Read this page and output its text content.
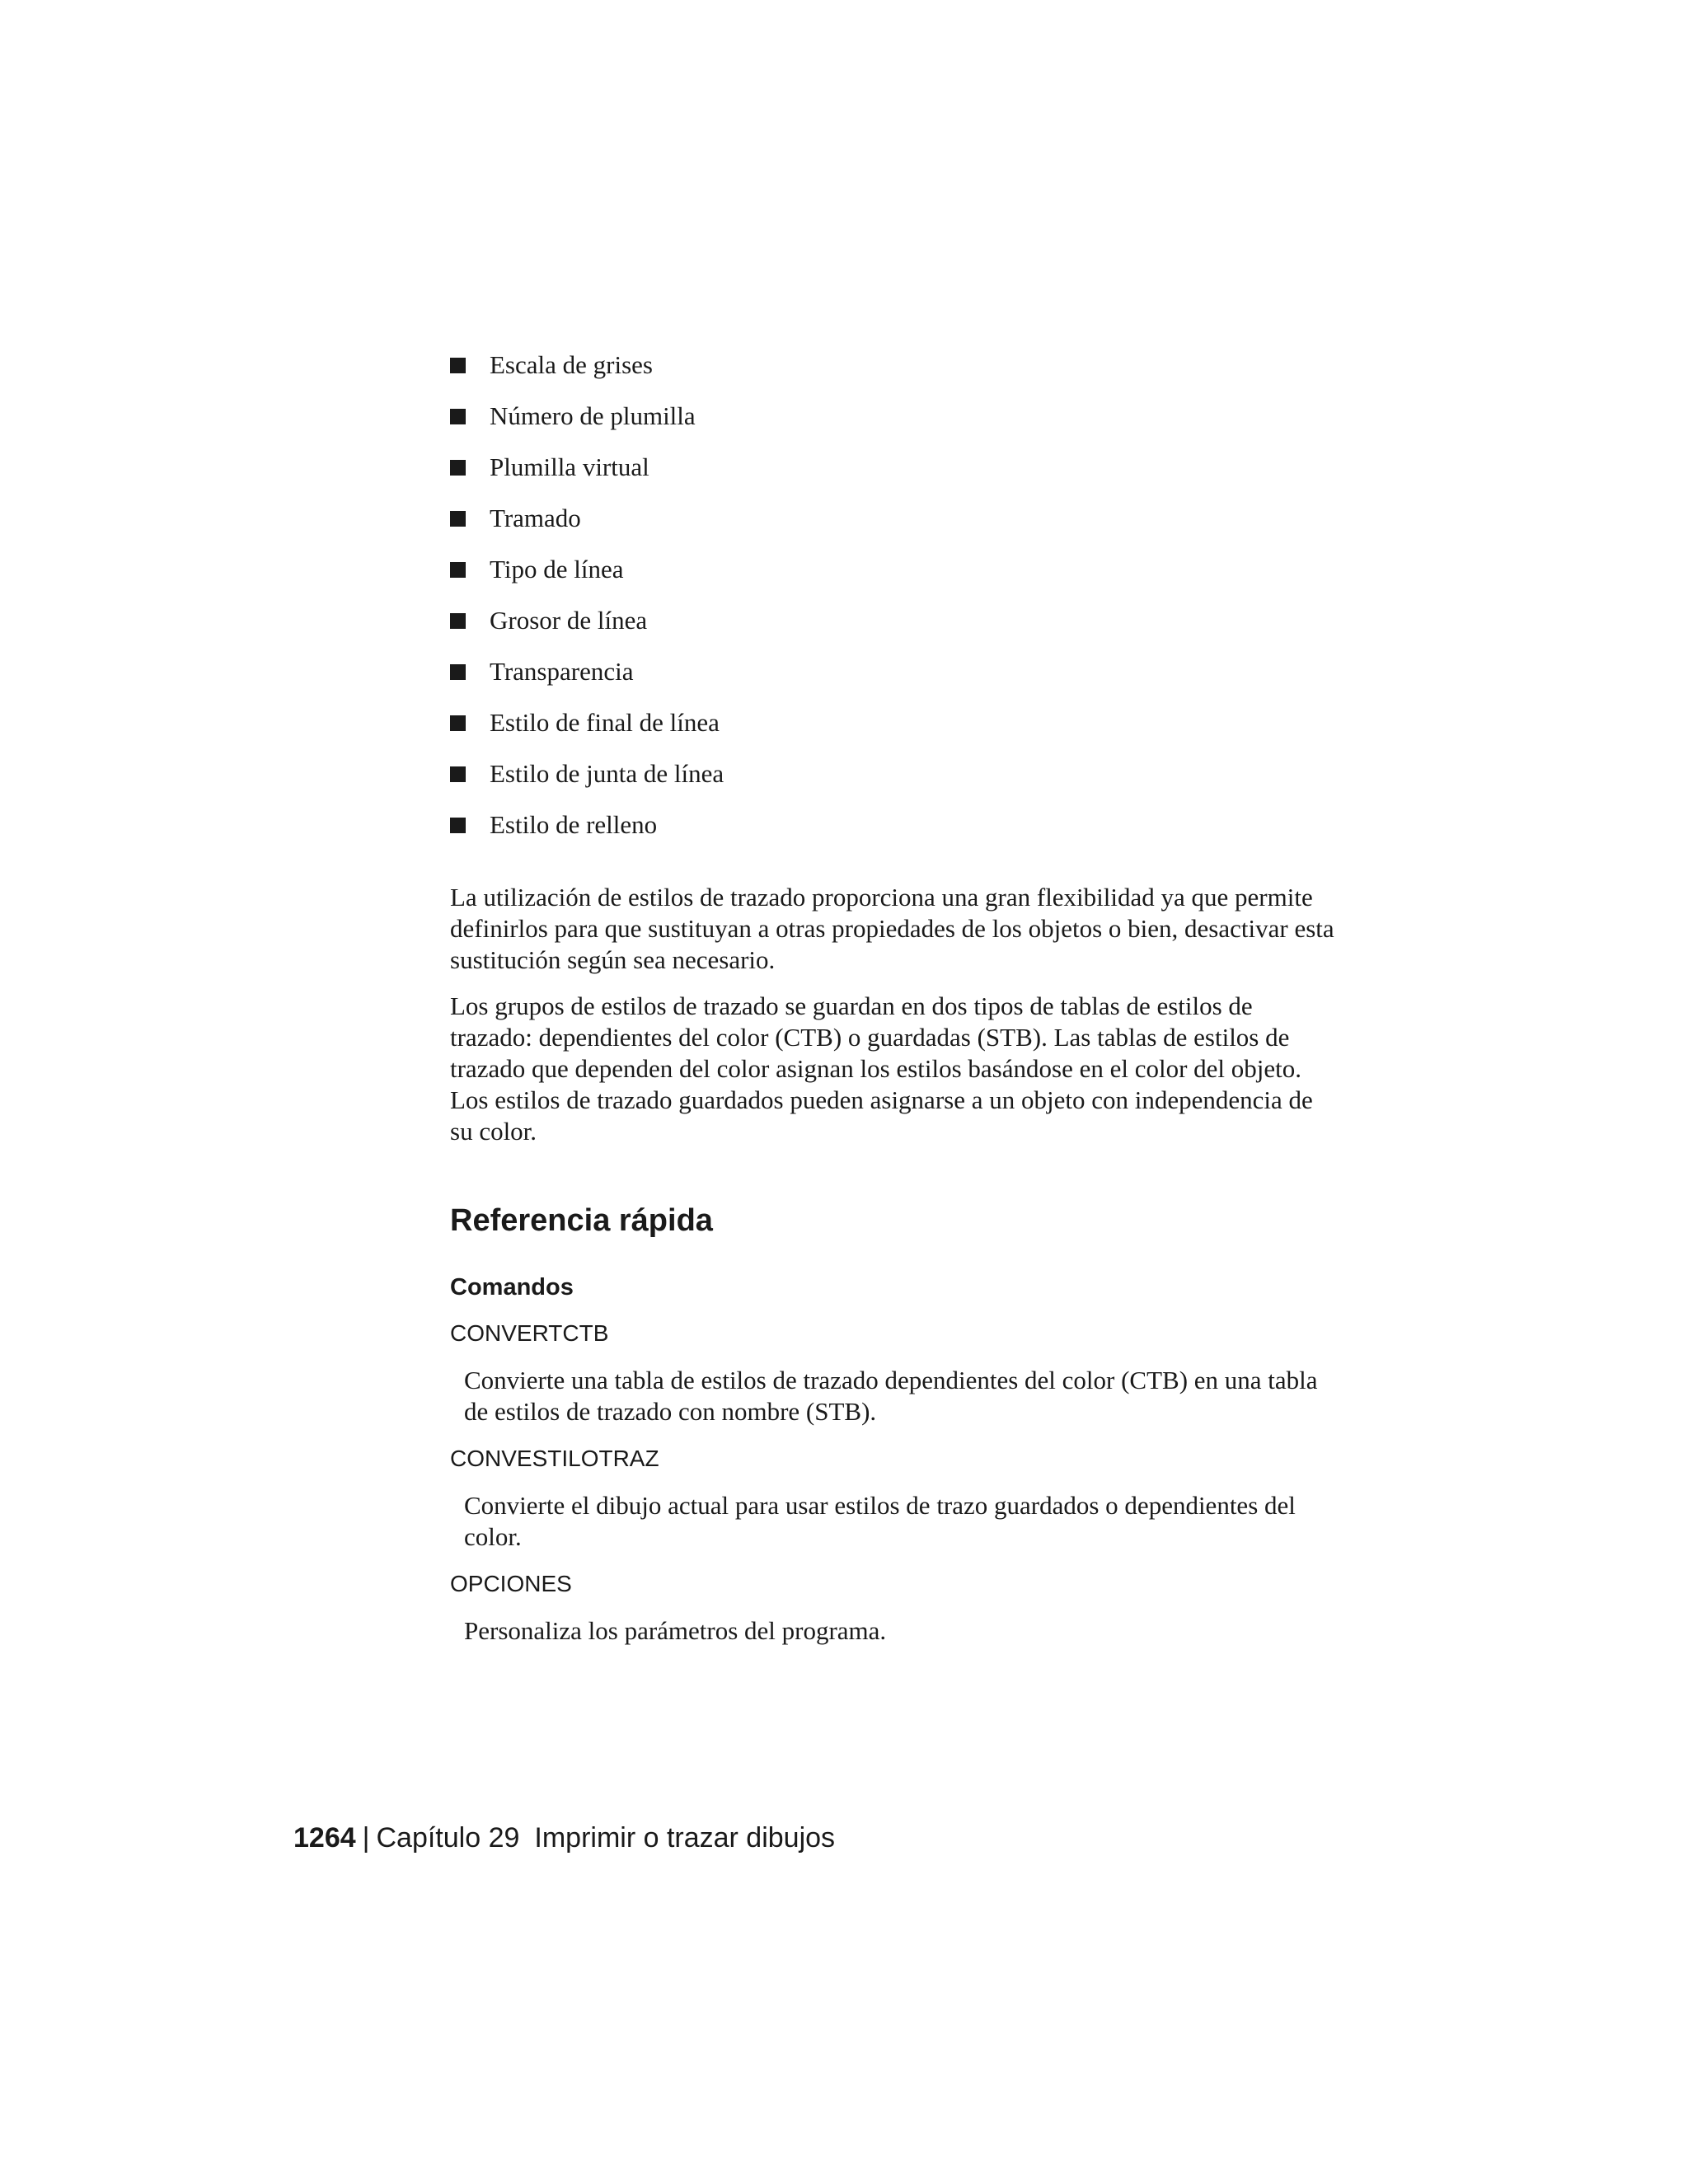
Escala de grises
Número de plumilla
Plumilla virtual
Tramado
Tipo de línea
Grosor de línea
Transparencia
Estilo de final de línea
Estilo de junta de línea
Estilo de relleno

La utilización de estilos de trazado proporciona una gran flexibilidad ya que permite definirlos para que sustituyan a otras propiedades de los objetos o bien, desactivar esta sustitución según sea necesario.

Los grupos de estilos de trazado se guardan en dos tipos de tablas de estilos de trazado: dependientes del color (CTB) o guardadas (STB). Las tablas de estilos de trazado que dependen del color asignan los estilos basándose en el color del objeto. Los estilos de trazado guardados pueden asignarse a un objeto con independencia de su color.

Referencia rápida
Comandos
CONVERTCTB
Convierte una tabla de estilos de trazado dependientes del color (CTB) en una tabla de estilos de trazado con nombre (STB).
CONVESTILOTRAZ
Convierte el dibujo actual para usar estilos de trazo guardados o dependientes del color.
OPCIONES
Personaliza los parámetros del programa.
1264 | Capítulo 29 Imprimir o trazar dibujos
